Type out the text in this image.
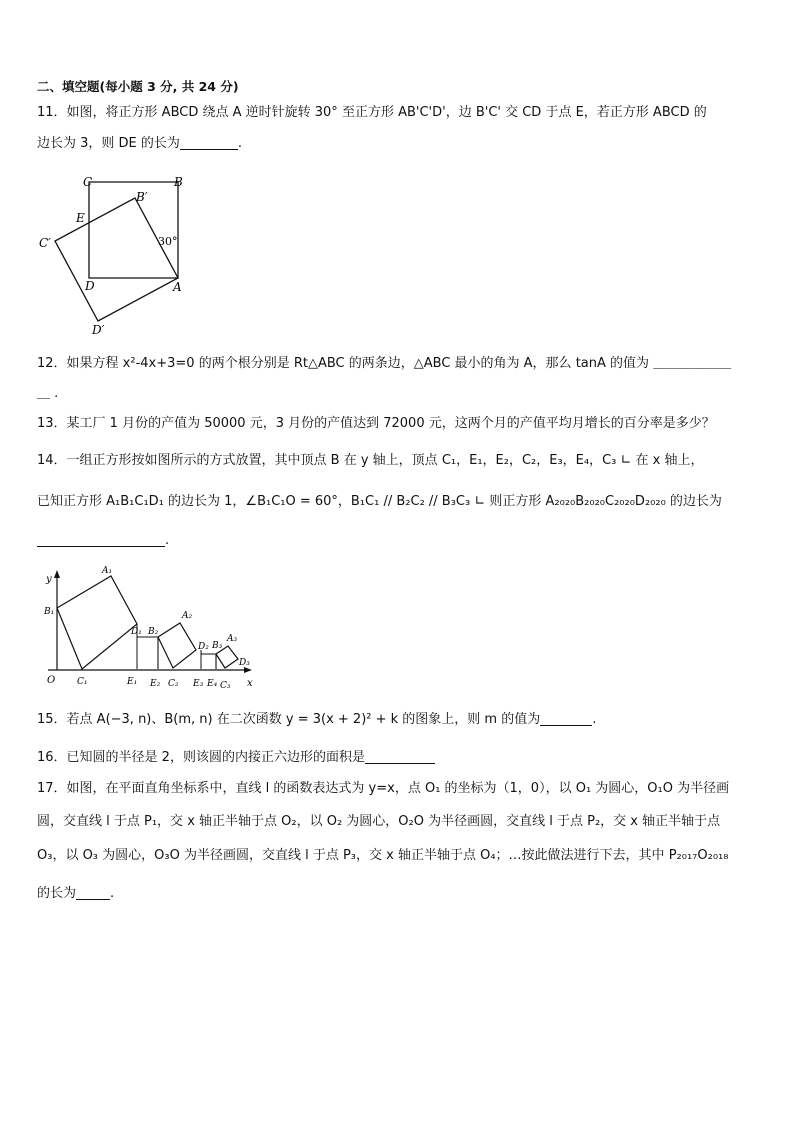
二、填空题(每小题 3 分, 共 24 分)
11．如图，将正方形 ABCD 绕点 A 逆时针旋转 30° 至正方形 AB'C'D'，边 B'C' 交 CD 于点 E，若正方形 ABCD 的
边长为 3，则 DE 的长为	.
C	B
B′
E
30°
C′
D	A
D′
12．如果方程 x²-4x+3=0 的两个根分别是 Rt△ABC 的两条边，△ABC 最小的角为 A，那么 tanA 的值为 ＿＿＿＿＿＿
＿ .
13．某工厂 1 月份的产值为 50000 元，3 月份的产值达到 72000 元，这两个月的产值平均月增长的百分率是多少？
14．一组正方形按如图所示的方式放置，其中顶点 B 在 y 轴上，顶点 C₁，E₁，E₂，C₂，E₃，E₄，C₃ ∟ 在 x 轴上，
已知正方形 A₁B₁C₁D₁ 的边长为 1，∠B₁C₁O = 60°，B₁C₁ // B₂C₂ // B₃C₃ ∟ 则正方形 A₂₀₂₀B₂₀₂₀C₂₀₂₀D₂₀₂₀ 的边长为
.
y
x
O
B₁
A₁
C₁
D₁ B₂
A₂
E₁ E₂ C₂
D₂ B₃
A₃
D₃
E₃ E₄ C₃
15．若点 A(−3, n)、B(m, n) 在二次函数 y = 3(x + 2)² + k 的图象上，则 m 的值为	.
16．已知圆的半径是 2，则该圆的内接正六边形的面积是
17．如图，在平面直角坐标系中，直线 l 的函数表达式为 y=x，点 O₁ 的坐标为（1，0），以 O₁ 为圆心，O₁O 为半径画
圆，交直线 l 于点 P₁，交 x 轴正半轴于点 O₂，以 O₂ 为圆心，O₂O 为半径画圆，交直线 l 于点 P₂，交 x 轴正半轴于点
O₃，以 O₃ 为圆心，O₃O 为半径画圆，交直线 l 于点 P₃，交 x 轴正半轴于点 O₄；…按此做法进行下去，其中 P₂₀₁₇O₂₀₁₈
的长为	.
